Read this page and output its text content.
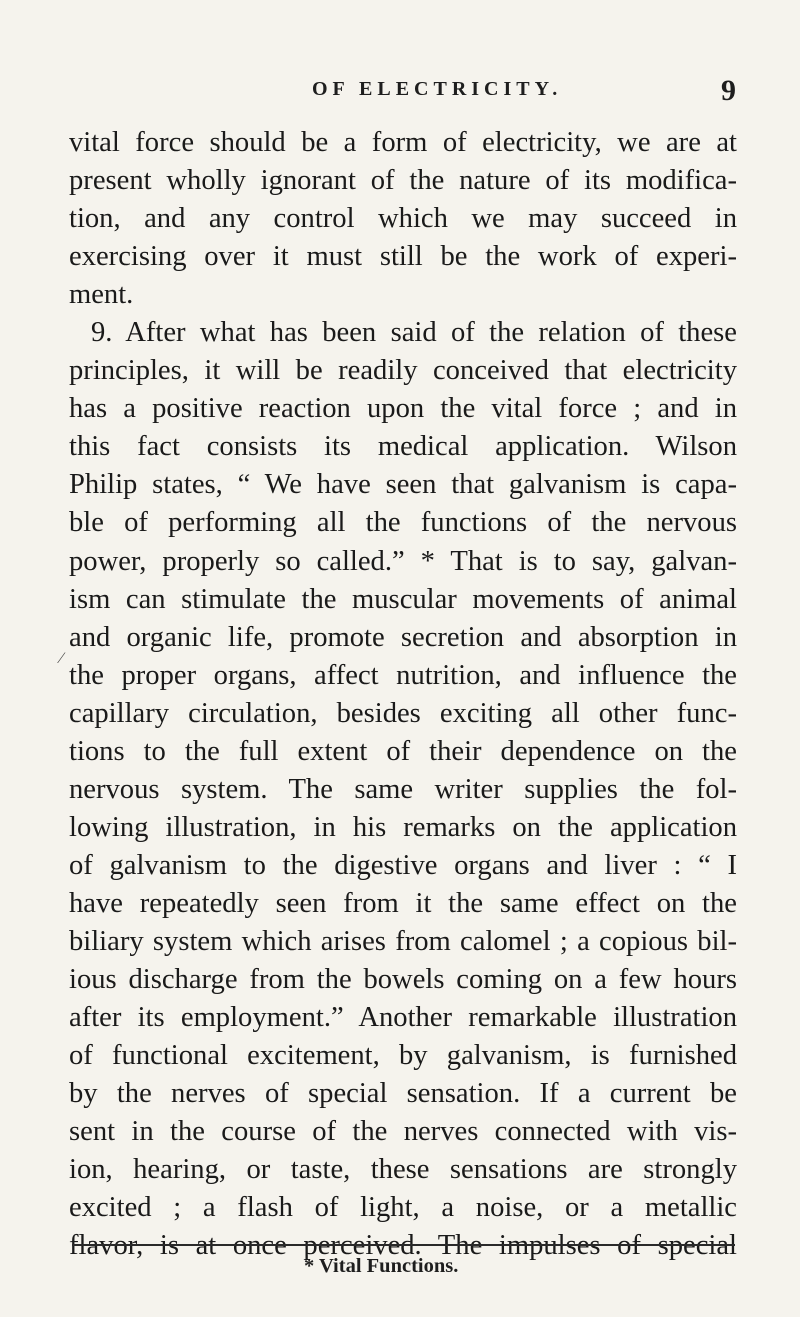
OF ELECTRICITY.	9
⁄
vital force should be a form of electricity, we are at
present wholly ignorant of the nature of its modifica-
tion, and any control which we may succeed in
exercising over it must still be the work of experi-
ment.
9. After what has been said of the relation of these
principles, it will be readily conceived that electricity
has a positive reaction upon the vital force ; and in
this fact consists its medical application. Wilson
Philip states, “ We have seen that galvanism is capa-
ble of performing all the functions of the nervous
power, properly so called.” * That is to say, galvan-
ism can stimulate the muscular movements of animal
and organic life, promote secretion and absorption in
the proper organs, affect nutrition, and influence the
capillary circulation, besides exciting all other func-
tions to the full extent of their dependence on the
nervous system. The same writer supplies the fol-
lowing illustration, in his remarks on the application
of galvanism to the digestive organs and liver : “ I
have repeatedly seen from it the same effect on the
biliary system which arises from calomel ; a copious bil-
ious discharge from the bowels coming on a few hours
after its employment.” Another remarkable illustration
of functional excitement, by galvanism, is furnished
by the nerves of special sensation. If a current be
sent in the course of the nerves connected with vis-
ion, hearing, or taste, these sensations are strongly
excited ; a flash of light, a noise, or a metallic
flavor, is at once perceived. The impulses of special
* Vital Functions.
